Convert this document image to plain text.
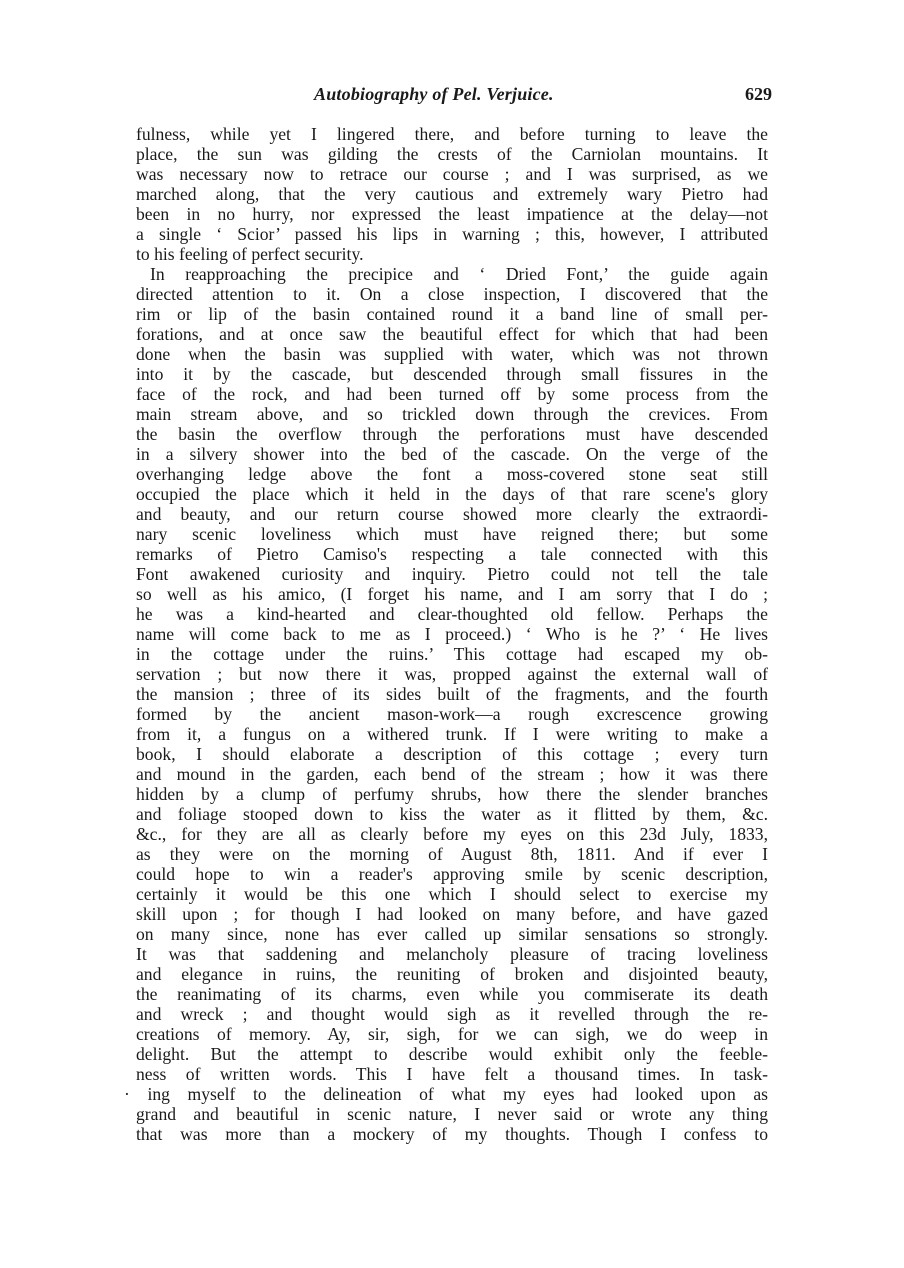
Autobiography of Pel. Verjuice.	629
fulness, while yet I lingered there, and before turning to leave the
place, the sun was gilding the crests of the Carniolan mountains. It
was necessary now to retrace our course ; and I was surprised, as we
marched along, that the very cautious and extremely wary Pietro had
been in no hurry, nor expressed the least impatience at the delay—not
a single ‘ Scior’ passed his lips in warning ; this, however, I attributed
to his feeling of perfect security.
In reapproaching the precipice and ‘ Dried Font,’ the guide again
directed attention to it. On a close inspection, I discovered that the
rim or lip of the basin contained round it a band line of small per-
forations, and at once saw the beautiful effect for which that had been
done when the basin was supplied with water, which was not thrown
into it by the cascade, but descended through small fissures in the
face of the rock, and had been turned off by some process from the
main stream above, and so trickled down through the crevices. From
the basin the overflow through the perforations must have descended
in a silvery shower into the bed of the cascade. On the verge of the
overhanging ledge above the font a moss-covered stone seat still
occupied the place which it held in the days of that rare scene's glory
and beauty, and our return course showed more clearly the extraordi-
nary scenic loveliness which must have reigned there; but some
remarks of Pietro Camiso's respecting a tale connected with this
Font awakened curiosity and inquiry. Pietro could not tell the tale
so well as his amico, (I forget his name, and I am sorry that I do ;
he was a kind-hearted and clear-thoughted old fellow. Perhaps the
name will come back to me as I proceed.) ‘ Who is he ?’ ‘ He lives
in the cottage under the ruins.’ This cottage had escaped my ob-
servation ; but now there it was, propped against the external wall of
the mansion ; three of its sides built of the fragments, and the fourth
formed by the ancient mason-work—a rough excrescence growing
from it, a fungus on a withered trunk. If I were writing to make a
book, I should elaborate a description of this cottage ; every turn
and mound in the garden, each bend of the stream ; how it was there
hidden by a clump of perfumy shrubs, how there the slender branches
and foliage stooped down to kiss the water as it flitted by them, &c.
&c., for they are all as clearly before my eyes on this 23d July, 1833,
as they were on the morning of August 8th, 1811. And if ever I
could hope to win a reader's approving smile by scenic description,
certainly it would be this one which I should select to exercise my
skill upon ; for though I had looked on many before, and have gazed
on many since, none has ever called up similar sensations so strongly.
It was that saddening and melancholy pleasure of tracing loveliness
and elegance in ruins, the reuniting of broken and disjointed beauty,
the reanimating of its charms, even while you commiserate its death
and wreck ; and thought would sigh as it revelled through the re-
creations of memory. Ay, sir, sigh, for we can sigh, we do weep in
delight. But the attempt to describe would exhibit only the feeble-
ness of written words. This I have felt a thousand times. In task-
· ing myself to the delineation of what my eyes had looked upon as
grand and beautiful in scenic nature, I never said or wrote any thing
that was more than a mockery of my thoughts. Though I confess to
